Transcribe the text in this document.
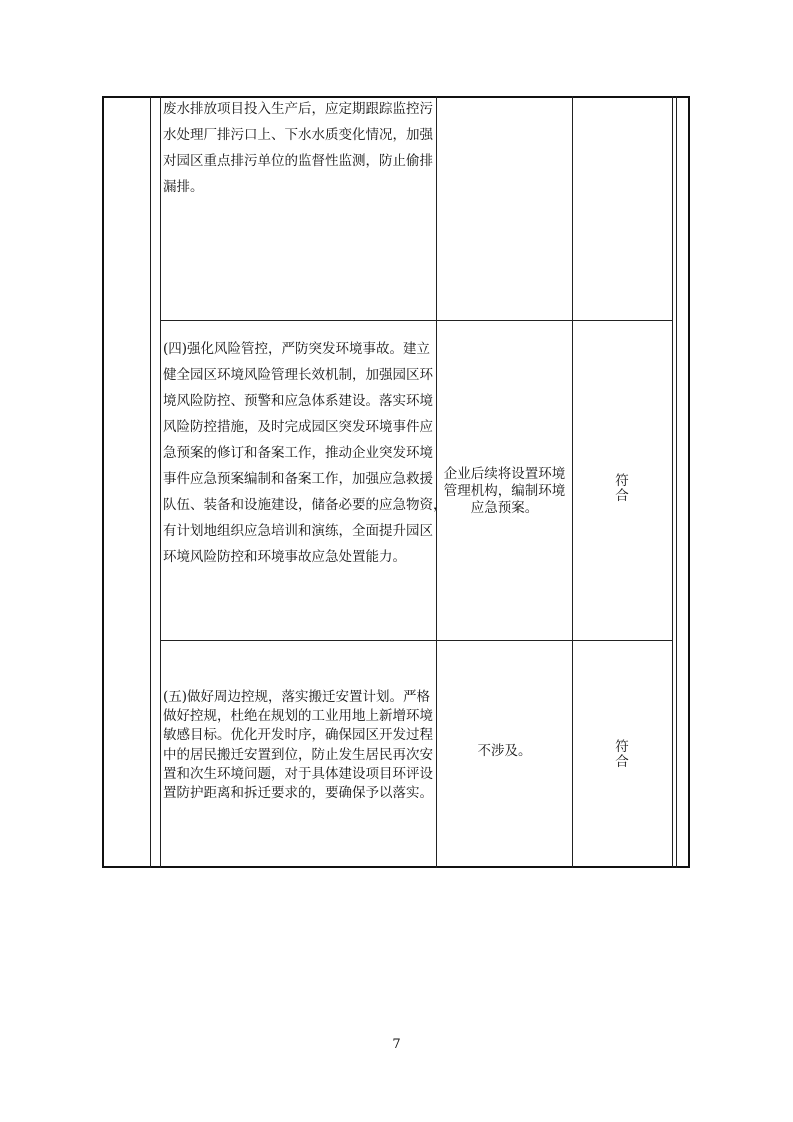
废水排放项目投入生产后，应定期跟踪监控污
水处理厂排污口上、下水水质变化情况，加强
对园区重点排污单位的监督性监测，防止偷排
漏排。
(四)强化风险管控，严防突发环境事故。建立
健全园区环境风险管理长效机制，加强园区环
境风险防控、预警和应急体系建设。落实环境
风险防控措施，及时完成园区突发环境事件应
急预案的修订和备案工作，推动企业突发环境
事件应急预案编制和备案工作，加强应急救援
队伍、装备和设施建设，储备必要的应急物资，
有计划地组织应急培训和演练，全面提升园区
环境风险防控和环境事故应急处置能力。
企业后续将设置环境
管理机构，编制环境
应急预案。
符
合
(五)做好周边控规，落实搬迁安置计划。严格
做好控规，杜绝在规划的工业用地上新增环境
敏感目标。优化开发时序，确保园区开发过程
中的居民搬迁安置到位，防止发生居民再次安
置和次生环境问题，对于具体建设项目环评设
置防护距离和拆迁要求的，要确保予以落实。
不涉及。	符
合
7
